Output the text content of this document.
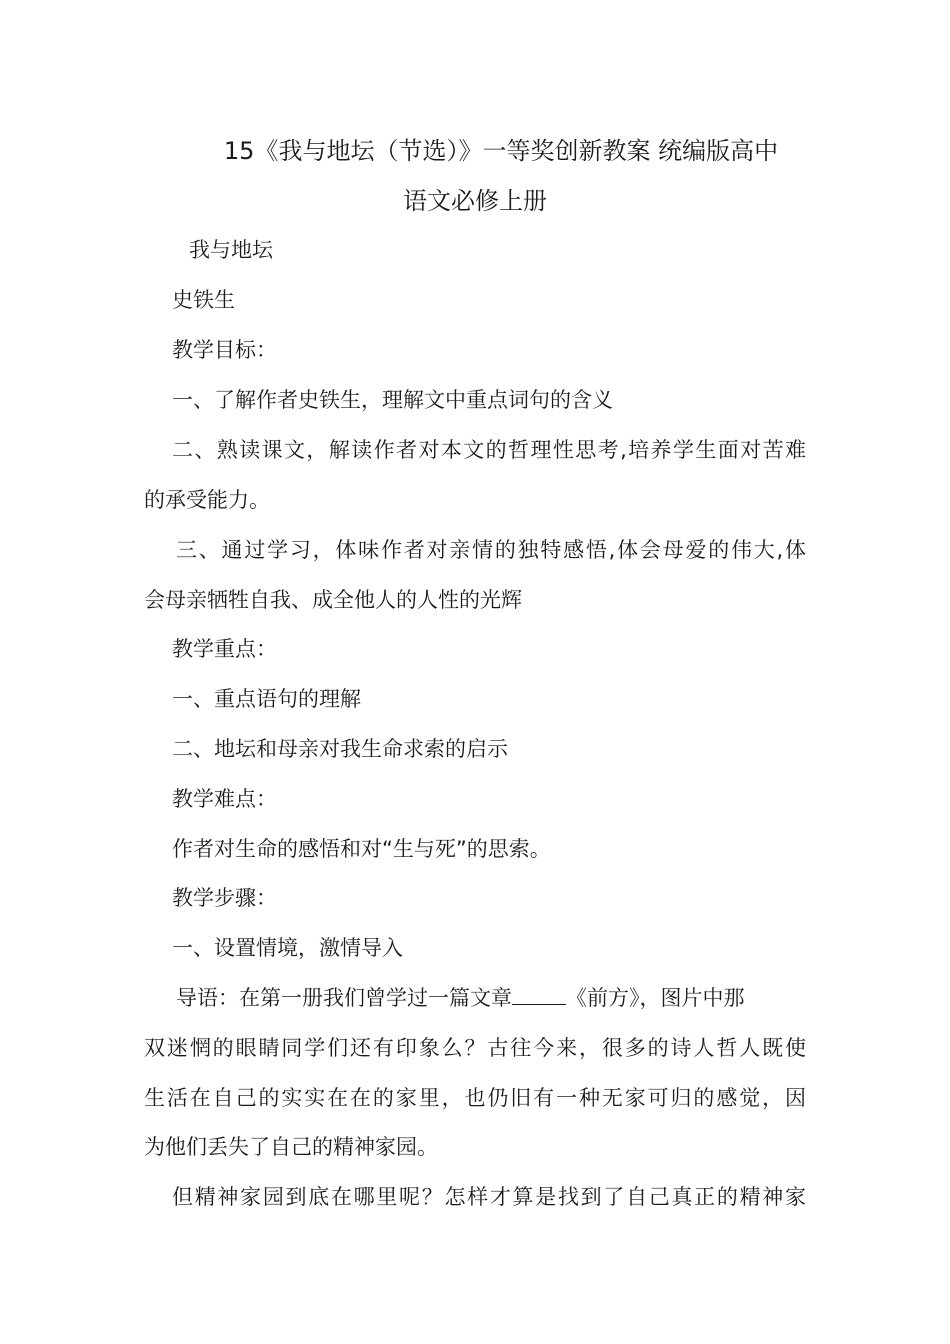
15《我与地坛（节选）》一等奖创新教案 统编版高中
语文必修上册
我与地坛
史铁生
教学目标：
一、了解作者史铁生，理解文中重点词句的含义
二、熟读课文，解读作者对本文的哲理性思考,培养学生面对苦难
的承受能力。
三、通过学习，体味作者对亲情的独特感悟,体会母爱的伟大,体
会母亲牺牲自我、成全他人的人性的光辉
教学重点：
一、重点语句的理解
二、地坛和母亲对我生命求索的启示
教学难点：
作者对生命的感悟和对“生与死”的思索。
教学步骤：
一、设置情境，激情导入
导语：在第一册我们曾学过一篇文章	《前方》，图片中那
双迷惘的眼睛同学们还有印象么？古往今来，很多的诗人哲人既使
生活在自己的实实在在的家里，也仍旧有一种无家可归的感觉，因
为他们丢失了自己的精神家园。
但精神家园到底在哪里呢？怎样才算是找到了自己真正的精神家
